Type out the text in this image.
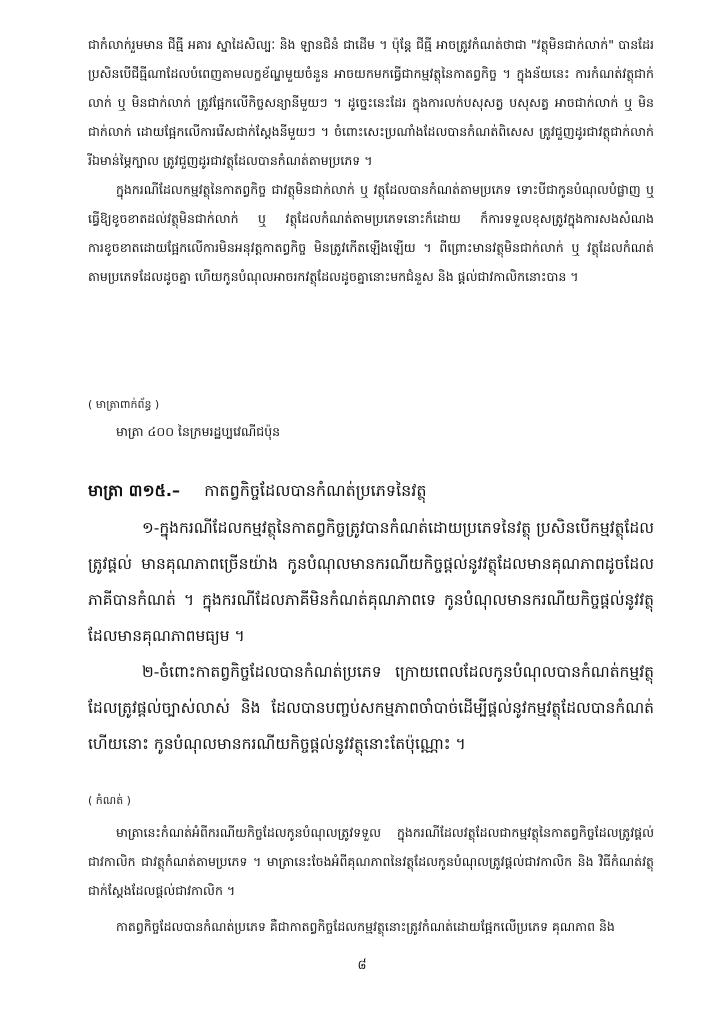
ជាកំលាក់រួមមាន ជីធ្មី អគារ ស្នាដៃសិល្បៈ និង ឡានជិនំ ជាដើម ។ ប៉ុន្តែ ជីធ្មី អាចត្រូវកំណត់ថាជា "វត្ថុមិនជាក់លាក់" បានដែរ ប្រសិនបើជីធ្មីណាដែលបំពេញតាមលក្ខខ័ណ្ឌមួយចំនួន អាចយកមកធ្វើជាកម្មវត្ថុនៃកាតព្វកិច្ច ។ ក្នុងន័យនេះ ការកំណត់វត្ថុជាក់លាក់ ឬ មិនជាក់លាក់ ត្រូវផ្អែកលើកិច្ចសន្យានីមួយៗ ។ ដូច្នេះនេះដែរ ក្នុងការលក់បសុសត្វ បសុសត្វ អាចជាក់លាក់ ឬ មិនជាក់លាក់ ដោយផ្អែកលើការរើសជាក់ស្តែងនីមួយៗ ។ ចំពោះសេះប្រណាំងដែលបានកំណត់ពិសេស ត្រូវជួញដូរជាវត្ថុជាក់លាក់ រីឯមាន់ម្ភៃក្បាល ត្រូវជួញដូរជាវត្ថុដែលបានកំណត់តាមប្រភេទ ។

ក្នុងករណីដែលកម្មវត្ថុនៃកាតព្វកិច្ច ជាវត្ថុមិនជាក់លាក់ ឬ វត្ថុដែលបានកំណត់តាមប្រភេទ ទោះបីជាកូនបំណុលបំផ្លាញ ឬ ធ្វើឱ្យខូចខាតដល់វត្ថុមិនជាក់លាក់ ឬ វត្ថុដែលកំណត់តាមប្រភេទនោះក៏ដោយ ក៏ការទទួលខុសត្រូវក្នុងការសងសំណងការខូចខាតដោយផ្អែកលើការមិនអនុវត្តកាតព្វកិច្ច មិនត្រូវកើតឡើងឡើយ ។ ពីព្រោះមានវត្ថុមិនជាក់លាក់ ឬ វត្ថុដែលកំណត់តាមប្រភេទដែលដូចគ្នា ហើយកូនបំណុលអាចរកវត្ថុដែលដូចគ្នានោះមកជំនួស និង ផ្តល់ជាវកាលិកនោះបាន ។

( មាត្រាពាក់ព័ន្ធ )
មាត្រា ៤០០ នៃក្រមរដ្ឋប្បវេណីជប៉ុន
មាត្រា ៣១៥.– កាតព្វកិច្ចដែលបានកំណត់ប្រភេទនៃវត្ថុ

១-ក្នុងករណីដែលកម្មវត្ថុនៃកាតព្វកិច្ចត្រូវបានកំណត់ដោយប្រភេទនៃវត្ថុ ប្រសិនបើកម្មវត្ថុដែលត្រូវផ្តល់ មានគុណភាពច្រើនយ៉ាង កូនបំណុលមានករណីយកិច្ចផ្តល់នូវវត្ថុដែលមានគុណភាពដូចដែលភាគីបានកំណត់ ។ ក្នុងករណីដែលភាគីមិនកំណត់គុណភាពទេ កូនបំណុលមានករណីយកិច្ចផ្តល់នូវវត្ថុដែលមានគុណភាពមធ្យម ។

២-ចំពោះកាតព្វកិច្ចដែលបានកំណត់ប្រភេទ ក្រោយពេលដែលកូនបំណុលបានកំណត់កម្មវត្ថុដែលត្រូវផ្តល់ច្បាស់លាស់ និង ដែលបានបញ្ចប់សកម្មភាពចាំបាច់ដើម្បីផ្តល់នូវកម្មវត្ថុដែលបានកំណត់ហើយនោះ កូនបំណុលមានករណីយកិច្ចផ្តល់នូវវត្ថុនោះតែប៉ុណ្ណោះ ។

( កំណត់ )

មាត្រានេះកំណត់អំពីករណីយកិច្ចដែលកូនបំណុលត្រូវទទួល ក្នុងករណីដែលវត្ថុដែលជាកម្មវត្ថុនៃកាតព្វកិច្ចដែលត្រូវផ្តល់ជាវកាលិក ជាវត្ថុកំណត់តាមប្រភេទ ។ មាត្រានេះចែងអំពីគុណភាពនៃវត្ថុដែលកូនបំណុលត្រូវផ្តល់ជាវកាលិក និង វិធីកំណត់វត្ថុជាក់ស្តែងដែលផ្តល់ជាវកាលិក ។

កាតព្វកិច្ចដែលបានកំណត់ប្រភេទ គឺជាកាតព្វកិច្ចដែលកម្មវត្ថុនោះត្រូវកំណត់ដោយផ្អែកលើប្រភេទ គុណភាព និង

៨
